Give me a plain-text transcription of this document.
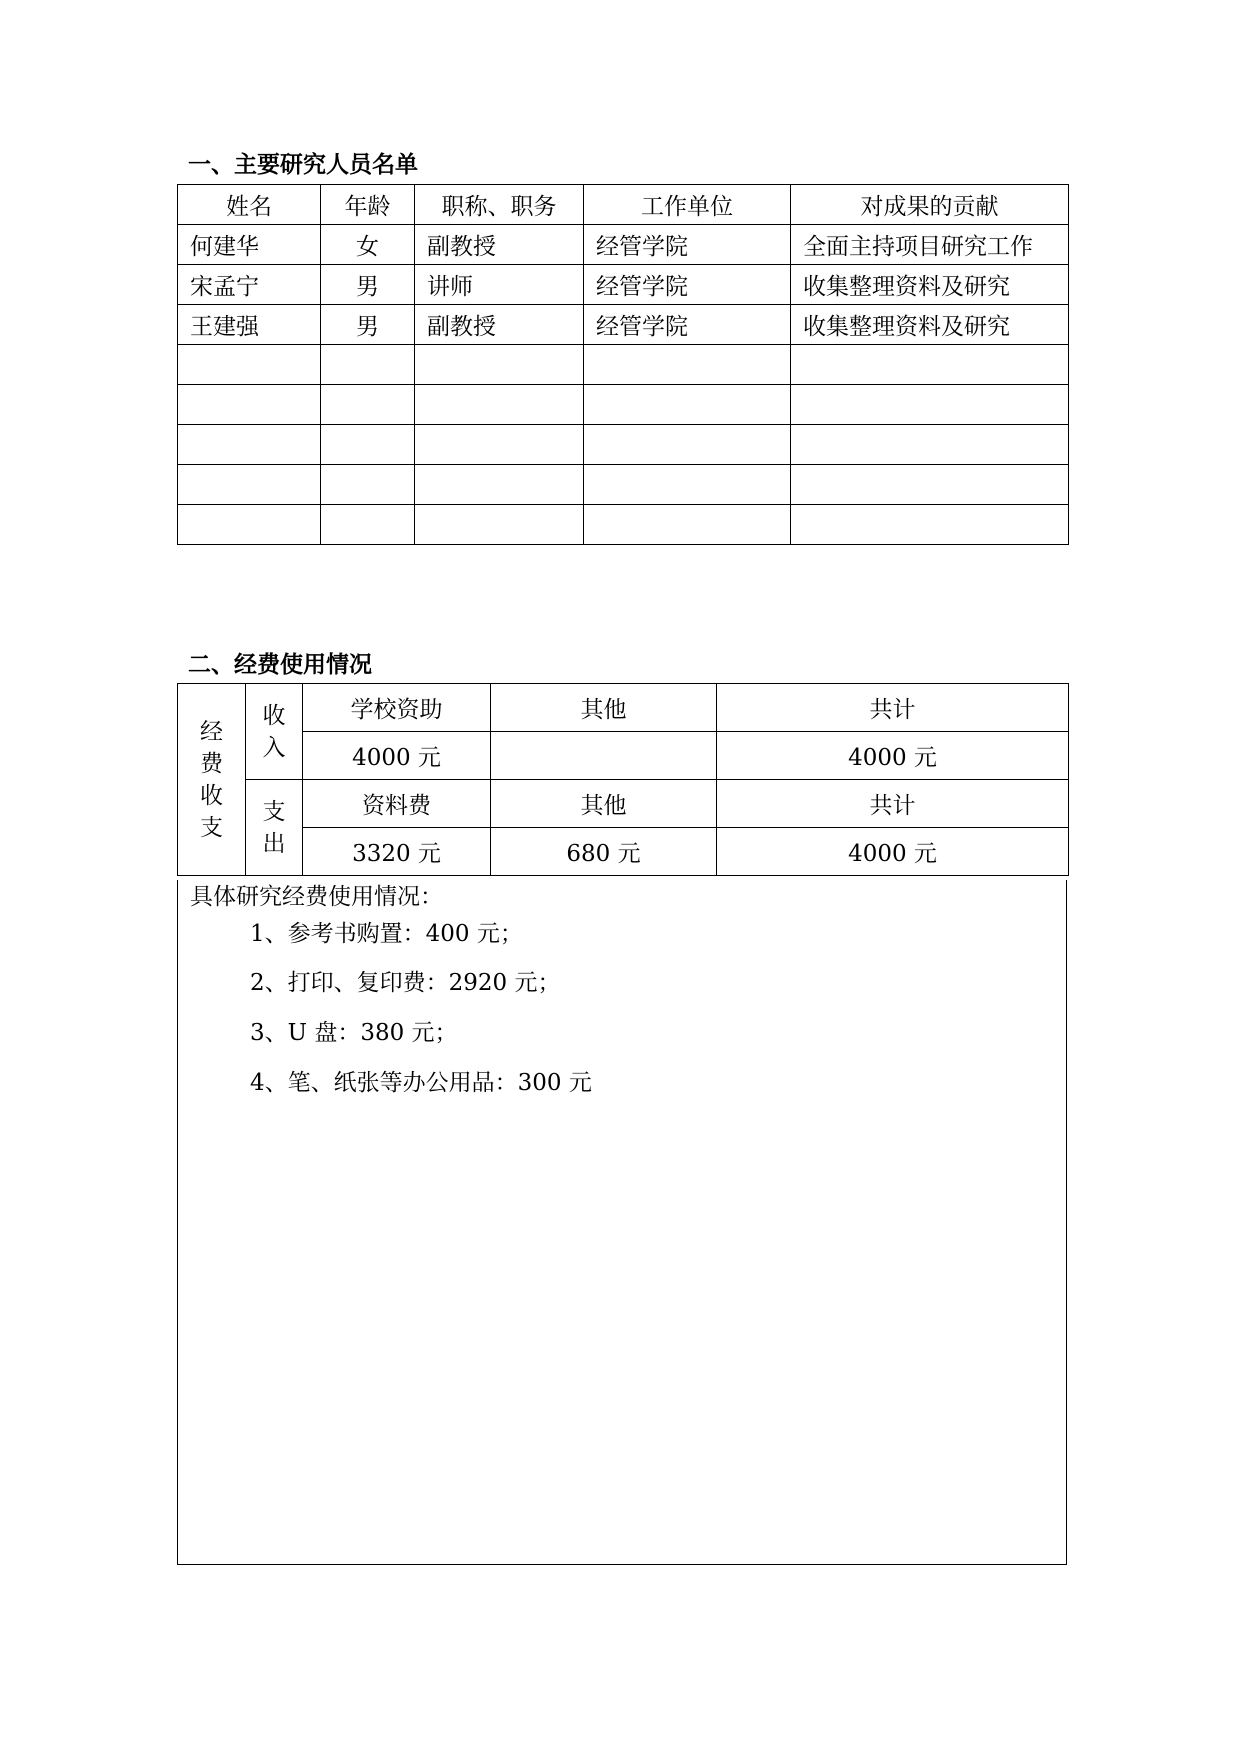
一、主要研究人员名单
姓名	年龄	职称、职务	工作单位	对成果的贡献
何建华	女	副教授	经管学院	全面主持项目研究工作
宋孟宁	男	讲师	经管学院	收集整理资料及研究
王建强	男	副教授	经管学院	收集整理资料及研究

二、经费使用情况
经费收支	收入	学校资助	其他	共计
		4000 元		4000 元

	支出	资料费	其他	共计
		3320 元	680 元	4000 元
具体研究经费使用情况：
1、参考书购置：400 元；
2、打印、复印费：2920 元；
3、U 盘：380 元；
4、笔、纸张等办公用品：300 元
